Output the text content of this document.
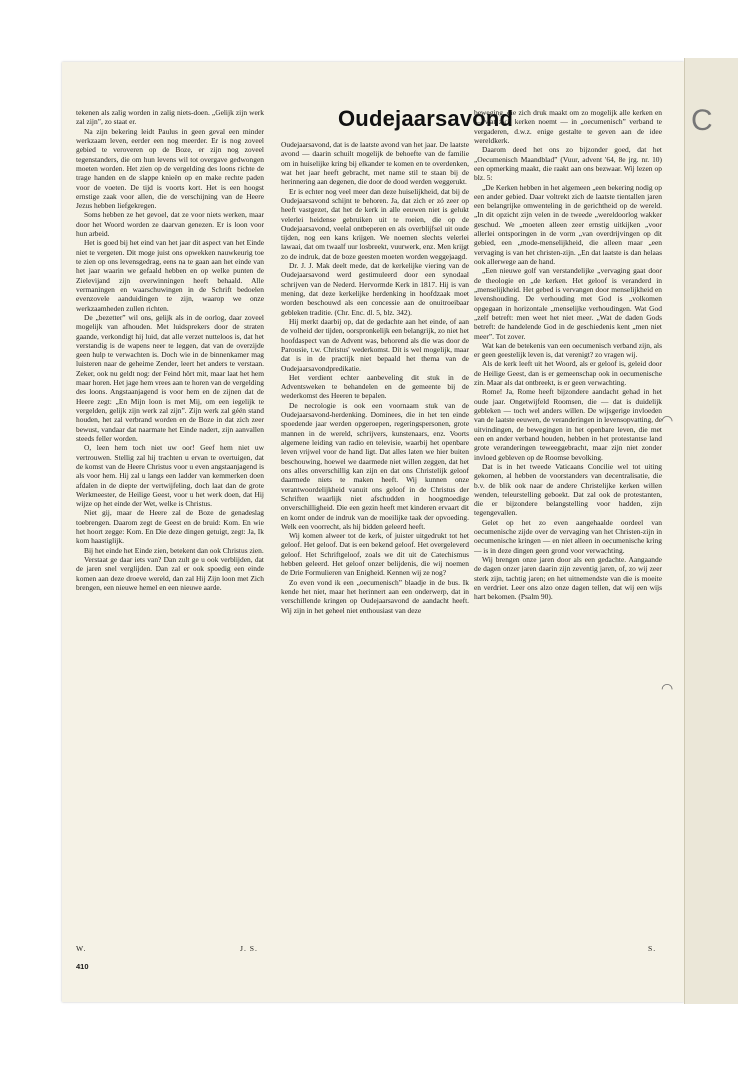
C
Oudejaarsavond

tekenen als zalig worden in zalig niets-doen. „Gelijk zijn werk zal zijn”, zo staat er.

Na zijn bekering leidt Paulus in geen geval een minder werkzaam leven, eerder een nog meerder. Er is nog zoveel gebied te veroveren op de Boze, er zijn nog zoveel tegenstanders, die om hun levens wil tot overgave gedwongen moeten worden. Het zien op de vergelding des loons richte de trage handen en de slappe knieën op en make rechte paden voor de voeten. De tijd is voorts kort. Het is een hoogst ernstige zaak voor allen, die de verschijning van de Heere Jezus hebben liefgekregen.

Soms hebben ze het gevoel, dat ze voor niets werken, maar door het Woord worden ze daarvan genezen. Er is loon voor hun arbeid.

Het is goed bij het eind van het jaar dit aspect van het Einde niet te vergeten. Dit moge juist ons opwekken nauwkeurig toe te zien op ons levensgedrag, eens na te gaan aan het einde van het jaar waarin we gefaald hebben en op welke punten de Zielevijand zijn overwinningen heeft behaald. Alle vermaningen en waarschuwingen in de Schrift bedoelen evenzovele aanduidingen te zijn, waarop we onze werkzaamheden zullen richten.

De „bezetter” wil ons, gelijk als in de oorlog, daar zoveel mogelijk van afhouden. Met luidsprekers door de straten gaande, verkondigt hij luid, dat alle verzet nutteloos is, dat het verstandig is de wapens neer te leggen, dat van de overzijde geen hulp te verwachten is. Doch wie in de binnenkamer mag luisteren naar de geheime Zender, leert het anders te verstaan. Zeker, ook nu geldt nog: der Feind hört mit, maar laat het hem maar horen. Het jage hem vrees aan te horen van de vergelding des loons. Angstaanjagend is voor hem en de zijnen dat de Heere zegt: „En Mijn loon is met Mij, om een iegelijk te vergelden, gelijk zijn werk zal zijn”. Zijn werk zal géén stand houden, het zal verbrand worden en de Boze in dat zich zeer bewust, vandaar dat naarmate het Einde nadert, zijn aanvallen steeds feller worden.

O, leen hem toch niet uw oor! Geef hem niet uw vertrouwen. Stellig zal hij trachten u ervan te overtuigen, dat de komst van de Heere Christus voor u even angstaanjagend is als voor hem. Hij zal u langs een ladder van kemmerken doen afdalen in de diepte der vertwijfeling, doch laat dan de grote Werkmeester, de Heilige Geest, voor u het werk doen, dat Hij wijze op het einde der Wet, welke is Christus.

Niet gij, maar de Heere zal de Boze de genadeslag toebrengen. Daarom zegt de Geest en de bruid: Kom. En wie het hoort zegge: Kom. En Die deze dingen getuigt, zegt: Ja, Ik kom haastiglijk.

Bij het einde het Einde zien, betekent dan ook Christus zien.

Verstaat ge daar iets van? Dan zult ge u ook verblijden, dat de jaren snel verglijden. Dan zal er ook spoedig een einde komen aan deze droeve wereld, dan zal Hij Zijn loon met Zich brengen, een nieuwe hemel en een nieuwe aarde.

Oudejaarsavond, dat is de laatste avond van het jaar. De laatste avond — daarin schuilt mogelijk de behoefte van de familie om in huiselijke kring bij elkander te komen en te overdenken, wat het jaar heeft gebracht, met name stil te staan bij de herinnering aan degenen, die door de dood werden weggerukt.

Er is echter nog veel meer dan deze huiselijkheid, dat bij de Oudejaarsavond schijnt te behoren. Ja, dat zich er zó zeer op heeft vastgezet, dat het de kerk in alle eeuwen niet is gelukt velerlei heidense gebruiken uit te roeien, die op de Oudejaarsavond, veelal ontbeperen en als overblijfsel uit oude tijden, nog een kans krijgen. We noemen slechts velerlei lawaai, dat om twaalf uur losbreekt, vuurwerk, enz. Men krijgt zo de indruk, dat de boze geesten moeten worden weggejaagd.

Dr. J. J. Mak deelt mede, dat de kerkelijke viering van de Oudejaarsavond werd gestimuleerd door een synodaal schrijven van de Nederd. Hervormde Kerk in 1817. Hij is van mening, dat deze kerkelijke herdenking in hoofdzaak moet worden beschouwd als een concessie aan de onuitroeibaar gebleken traditie. (Chr. Enc. dl. 5, blz. 342).

Hij merkt daarbij op, dat de gedachte aan het einde, of aan de volheid der tijden, oorspronkelijk een belangrijk, zo niet het hoofdaspect van de Advent was, behorend als die was door de Parousie, t.w. Christus' wederkomst. Dit is wel mogelijk, maar dat is in de practijk niet bepaald het thema van de Oudejaarsavondpredikatie.

Het verdient echter aanbeveling dit stuk in de Adventsweken te behandelen en de gemeente bij de wederkomst des Heeren te bepalen.

De necrologie is ook een voornaam stuk van de Oudejaarsavond-herdenking. Dominees, die in het ten einde spoedende jaar werden opgeroepen, regeringspersonen, grote mannen in de wereld, schrijvers, kunstenaars, enz. Voorts algemene leiding van radio en televisie, waarbij het openbare leven vrijwel voor de hand ligt. Dat alles laten we hier buiten beschouwing, hoewel we daarmede niet willen zeggen, dat het ons alles onverschillig kan zijn en dat ons Christelijk geloof daarmede niets te maken heeft. Wij kunnen onze verantwoordelijkheid vanuit ons geloof in de Christus der Schriften waarlijk niet afschudden in hoogmoedige onverschilligheid. Die een gezin heeft met kinderen ervaart dit en komt onder de indruk van de moeilijke taak der opvoeding. Welk een voorrecht, als hij bidden geleerd heeft.

Wij komen alweer tot de kerk, of juister uitgedrukt tot het geloof. Het geloof. Dat is een bekend geloof. Het overgeleverd geloof. Het Schriftgeloof, zoals we dit uit de Catechismus hebben geleerd. Het geloof onzer belijdenis, die wij noemen de Drie Formulieren van Enigheid. Kennen wij ze nog?

Zo even vond ik een „oecumenisch” blaadje in de bus. Ik kende het niet, maar het herinnert aan een onderwerp, dat in verschillende kringen op Oudejaarsavond de aandacht heeft. Wij zijn in het geheel niet enthousiast van deze

beweging, die zich druk maakt om zo mogelijk alle kerken en — wat zich kerken noemt — in „oecumenisch” verband te vergaderen, d.w.z. enige gestalte te geven aan de idee wereldkerk.

Daarom deed het ons zo bijzonder goed, dat het „Oecumenisch Maandblad” (Vuur, advent '64, 8e jrg. nr. 10) een opmerking maakt, die raakt aan ons bezwaar. Wij lezen op blz. 5:

„De Kerken hebben in het algemeen „een bekering nodig op een ander gebied. Daar voltrekt zich de laatste tientallen jaren een belangrijke omwenteling in de gerichtheid op de wereld. „In dit opzicht zijn velen in de tweede „wereldoorlog wakker geschud. We „moeten alleen zeer ernstig uitkijken „voor allerlei ontsporingen in de vorm „van overdrijvingen op dit gebied, een „mode-menselijkheid, die alleen maar „een vervaging is van het christen-zijn. „En dat laatste is dan helaas ook allerwege aan de hand.

„Een nieuwe golf van verstandelijke „vervaging gaat door de theologie en „de kerken. Het geloof is veranderd in „menselijkheid. Het gebed is vervangen door menselijkheid en levenshouding. De verhouding met God is „volkomen opgegaan in horizontale „menselijke verhoudingen. Wat God „zelf betreft: men weet het niet meer. „Wat de daden Gods betreft: de handelende God in de geschiedenis kent „men niet meer”. Tot zover.

Wat kan de betekenis van een oecumenisch verband zijn, als er geen geestelijk leven is, dat verenigt? zo vragen wij.

Als de kerk leeft uit het Woord, als er geloof is, geleid door de Heilige Geest, dan is er gemeenschap ook in oecumenische zin. Maar als dat ontbreekt, is er geen verwachting.

Rome! Ja, Rome heeft bijzondere aandacht gehad in het oude jaar. Ongetwijfeld Roomsen, die — dat is duidelijk gebleken — toch wel anders willen. De wijsgerige invloeden van de laatste eeuwen, de veranderingen in levensopvatting, de uitvindingen, de bewegingen in het openbare leven, die met een en ander verband houden, hebben in het protestantse land grote veranderingen teweeggebracht, maar zijn niet zonder invloed gebleven op de Roomse bevolking.

Dat is in het tweede Vaticaans Concilie wel tot uiting gekomen, al hebben de voorstanders van decentralisatie, die b.v. de blik ook naar de andere Christelijke kerken willen wenden, teleurstelling geboekt. Dat zal ook de protestanten, die er bijzondere belangstelling voor hadden, zijn tegengevallen.

Gelet op het zo even aangehaalde oordeel van oecumenische zijde over de vervaging van het Christen-zijn in oecumenische kringen — en niet alleen in oecumenische kring — is in deze dingen geen grond voor verwachting.

Wij brengen onze jaren door als een gedachte. Aangaande de dagen onzer jaren daarin zijn zeventig jaren, of, zo wij zeer sterk zijn, tachtig jaren; en het uitnemendste van die is moeite en verdriet. Leer ons alzo onze dagen tellen, dat wij een wijs hart bekomen. (Psalm 90).

W.	J. S.	S.
410
◠
◠
